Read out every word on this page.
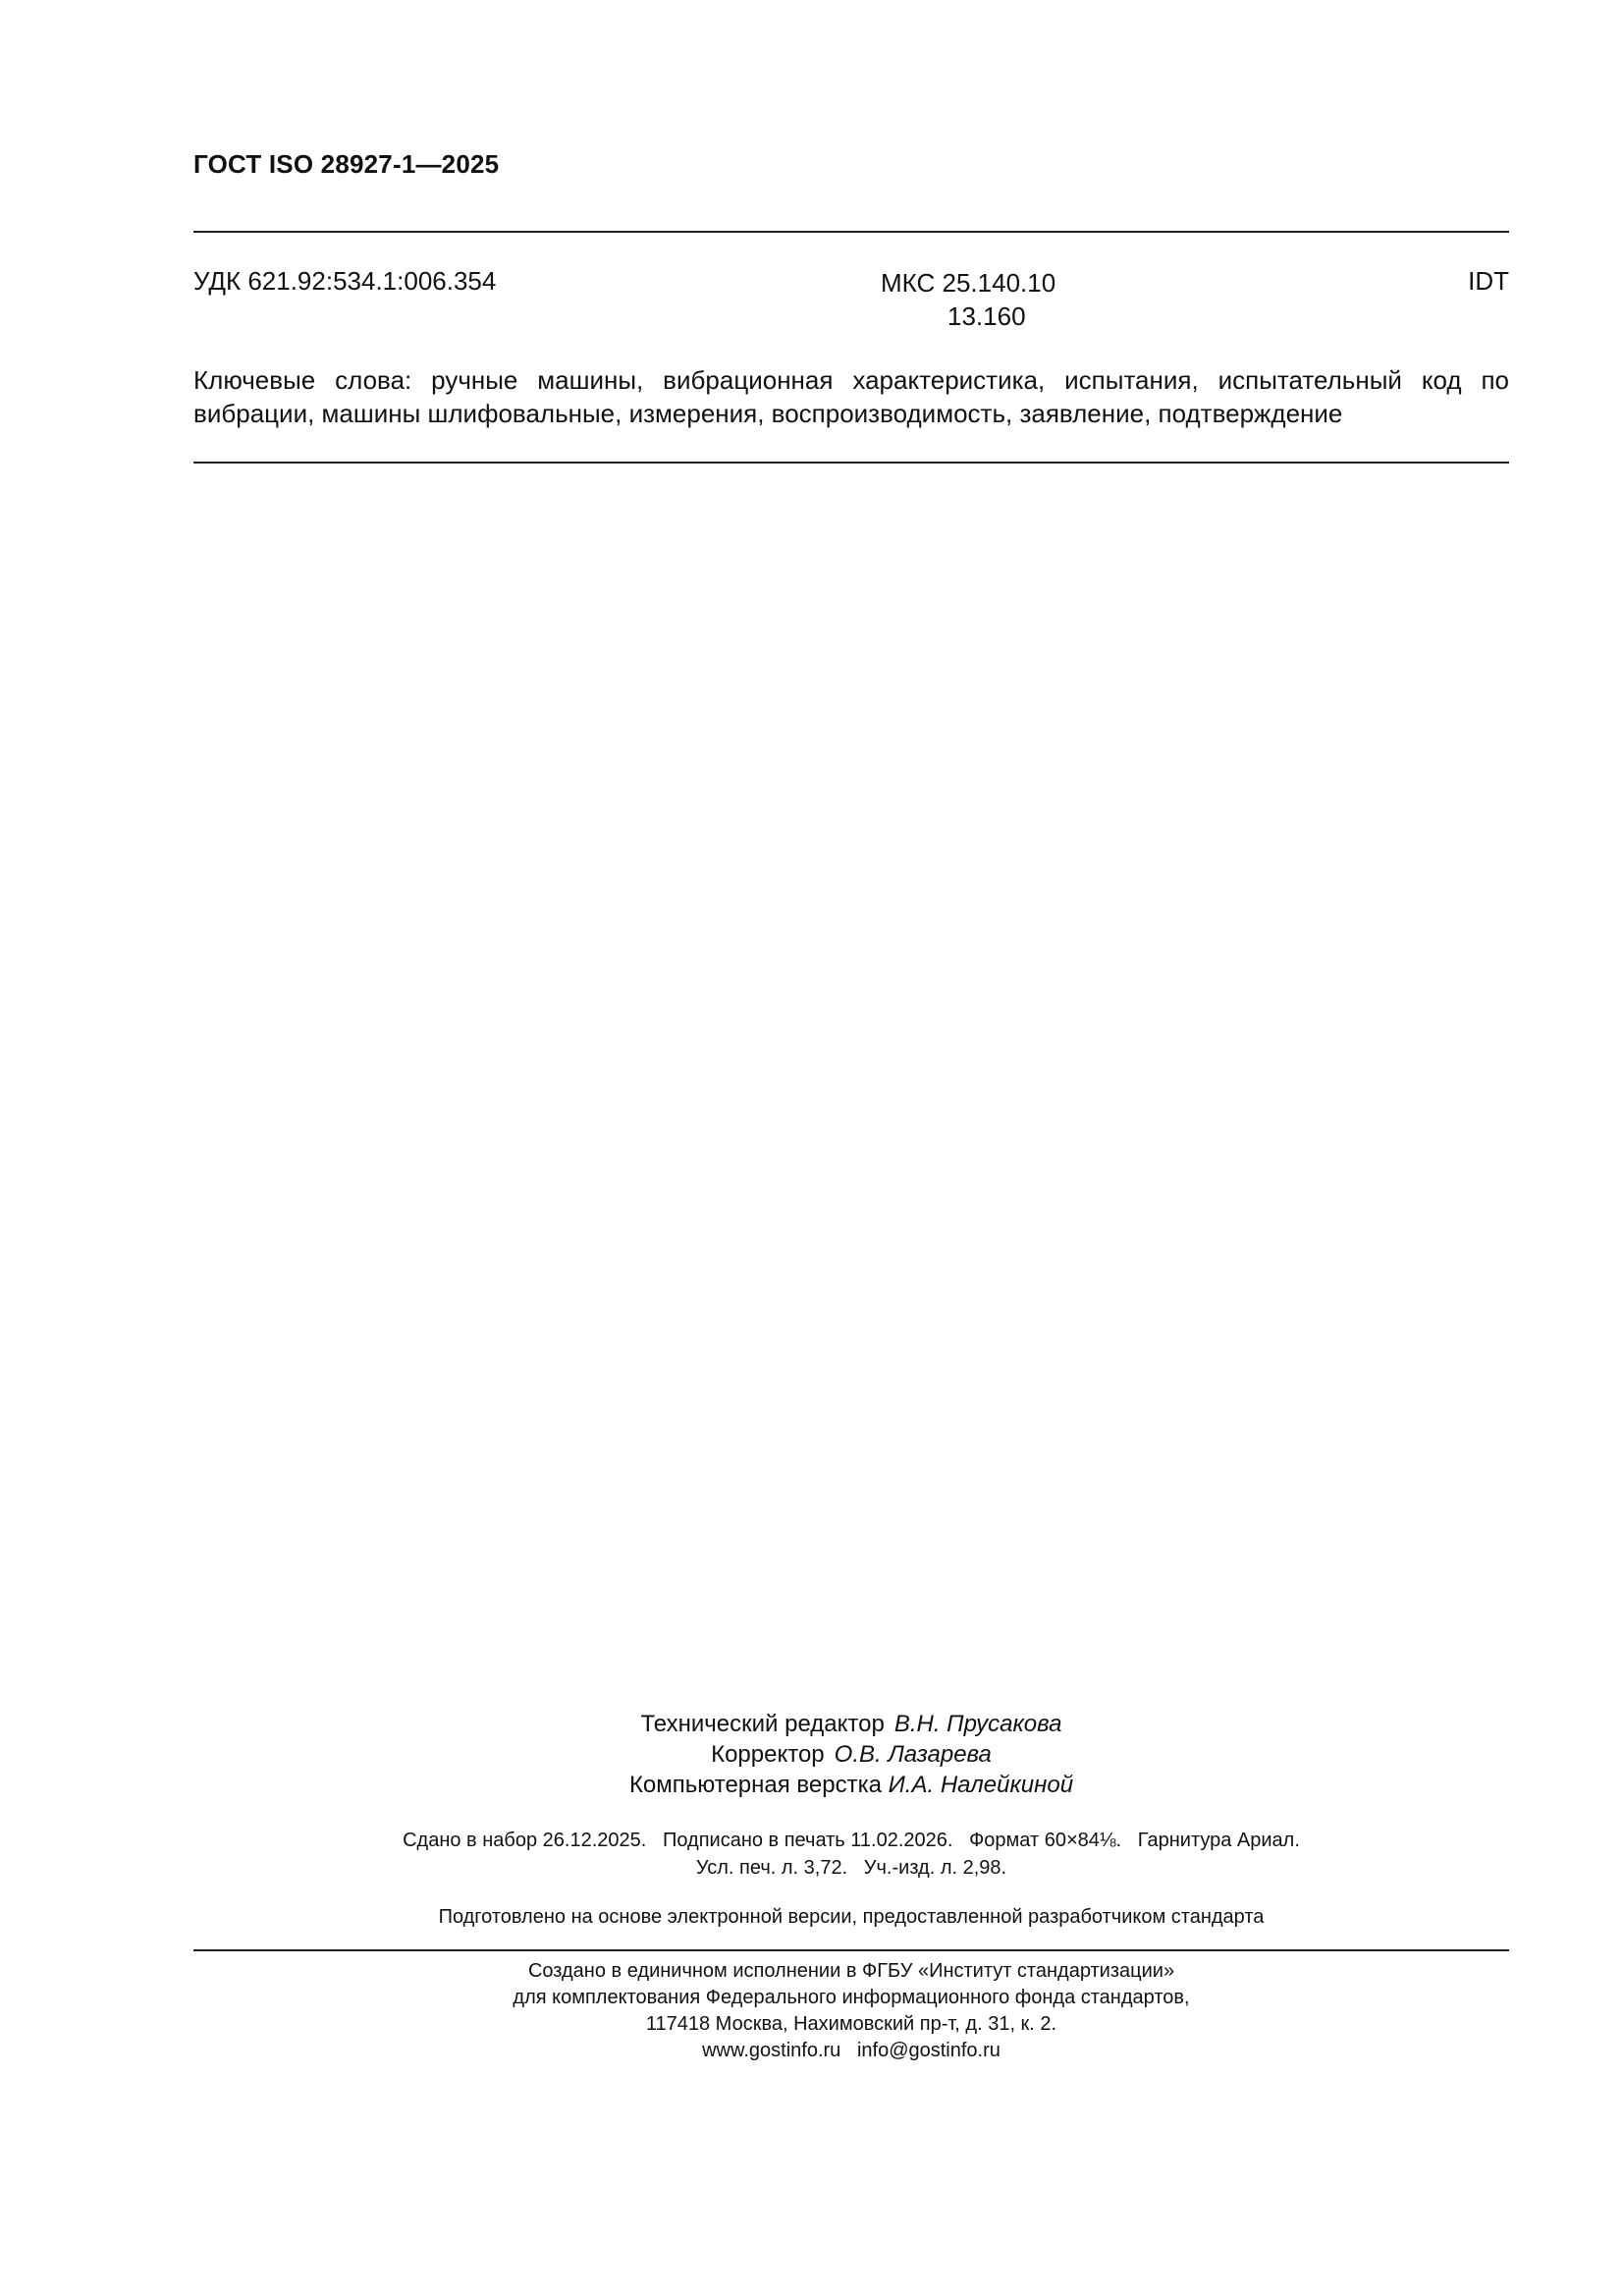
ГОСТ ISO 28927-1—2025
УДК 621.92:534.1:006.354	МКС 25.140.10
13.160
IDT
Ключевые слова: ручные машины, вибрационная характеристика, испытания, испытательный код по вибрации, машины шлифовальные, измерения, воспроизводимость, заявление, подтверждение
Технический редактор В.Н. Прусакова
Корректор О.В. Лазарева
Компьютерная верстка И.А. Налейкиной
Сдано в набор 26.12.2025.   Подписано в печать 11.02.2026.   Формат 60×84⅛.   Гарнитура Ариал.
Усл. печ. л. 3,72.   Уч.-изд. л. 2,98.
Подготовлено на основе электронной версии, предоставленной разработчиком стандарта
Создано в единичном исполнении в ФГБУ «Институт стандартизации»
для комплектования Федерального информационного фонда стандартов,
117418 Москва, Нахимовский пр-т, д. 31, к. 2.
www.gostinfo.ru   info@gostinfo.ru
